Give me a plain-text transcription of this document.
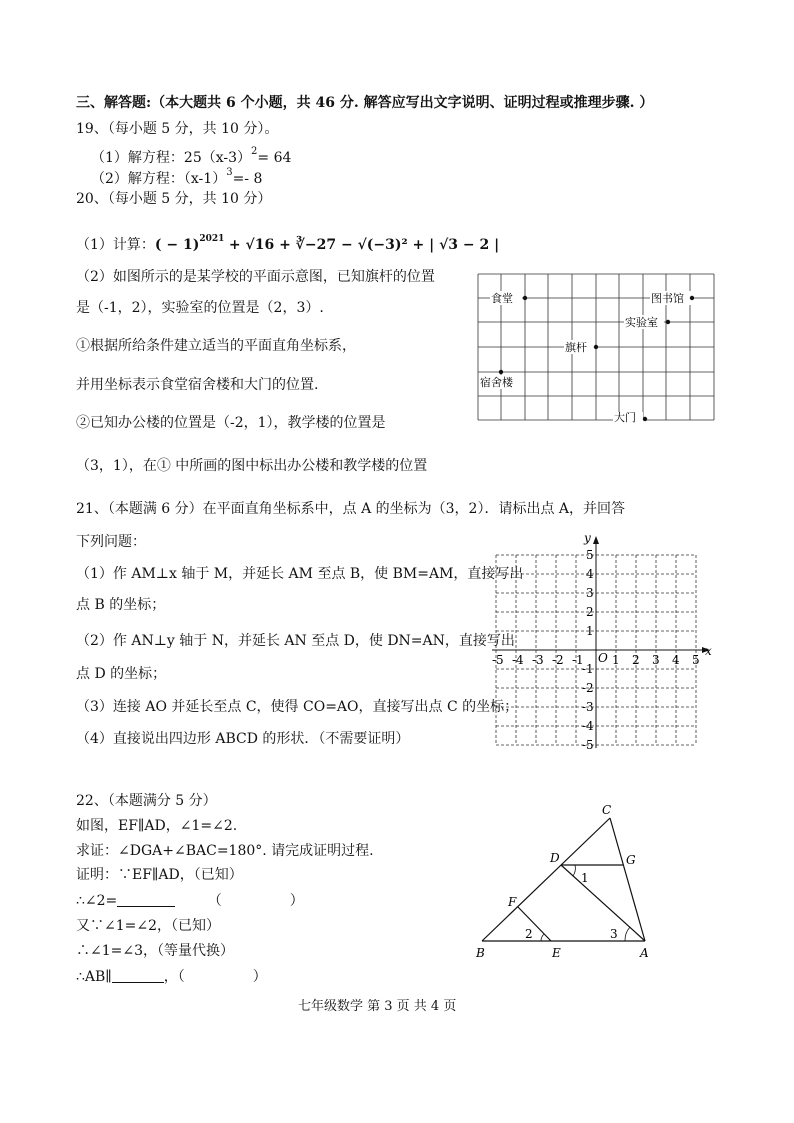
三、解答题:（本大题共 6 个小题，共 46 分. 解答应写出文字说明、证明过程或推理步骤. ）
19、（每小题 5 分，共 10 分）。
（1）解方程：$25(x-3)^2= 64$
（2）解方程：$(x-1)^3=-$ 8
20、（每小题 5 分，共 10 分）
（1）计算：( − 1)$^{2021}$ + √16 + ∛−27 − √(−3)² + | √3 − 2 |
（2）如图所示的是某学校的平面示意图，已知旗杆的位置
是（-1，2），实验室的位置是（2，3）.
①根据所给条件建立适当的平面直角坐标系，
并用坐标表示食堂宿舍楼和大门的位置.
②已知办公楼的位置是（-2，1），教学楼的位置是
（3，1），在① 中所画的图中标出办公楼和教学楼的位置
食堂	图书馆
实验室
旗杆
宿舍楼
大门
21、（本题满 6 分）在平面直角坐标系中，点 A 的坐标为（3，2）．请标出点 A，并回答
下列问题：
（1）作 AM⊥x 轴于 M，并延长 AM 至点 B，使 BM=AM，直接写出
点 B 的坐标；
（2）作 AN⊥y 轴于 N，并延长 AN 至点 D，使 DN=AN，直接写出
点 D 的坐标；
（3）连接 AO 并延长至点 C，使得 CO=AO，直接写出点 C 的坐标；
（4）直接说出四边形 ABCD 的形状．（不需要证明）
x
y
O
-5 -4 -3 -2 -1 1 2 3 4 5
5
4
3
2
1
-1
-2
-3
-4
-5
22、（本题满分 5 分）
如图，EF∥AD，∠1=∠2.
求证：∠DGA+∠BAC=180°. 请完成证明过程.
证明：∵EF∥AD，（已知）
∴∠2=	（	）
又∵∠1=∠2，（已知）
∴∠1=∠3，（等量代换）
∴AB∥	，（	）
C
D	G
F
B	E	A
1
2	3
七年级数学 第 3 页 共 4 页
